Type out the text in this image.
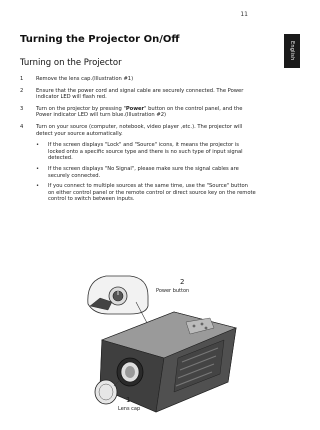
11
English
Turning the Projector On/Off
Turning on the Projector
1	Remove the lens cap.(Illustration #1)
2	Ensure that the power cord and signal cable are securely connected. The Power indicator LED will flash red.
3	Turn on the projector by pressing "Power" button on the control panel, and the Power indicator LED will turn blue.(Illustration #2)
4	Turn on your source (computer, notebook, video player ,etc.). The projector will detect your source automatically.
•	If the screen displays "Lock" and "Source" icons, it means the projector is locked onto a specific source type and there is no such type of input signal detected.
•	If the screen displays "No Signal", please make sure the signal cables are securely connected.
•	If you connect to multiple sources at the same time, use the "Source" button on either control panel or the remote control or direct source key on the remote control to switch between inputs.
2
Power button
1
Lens cap
